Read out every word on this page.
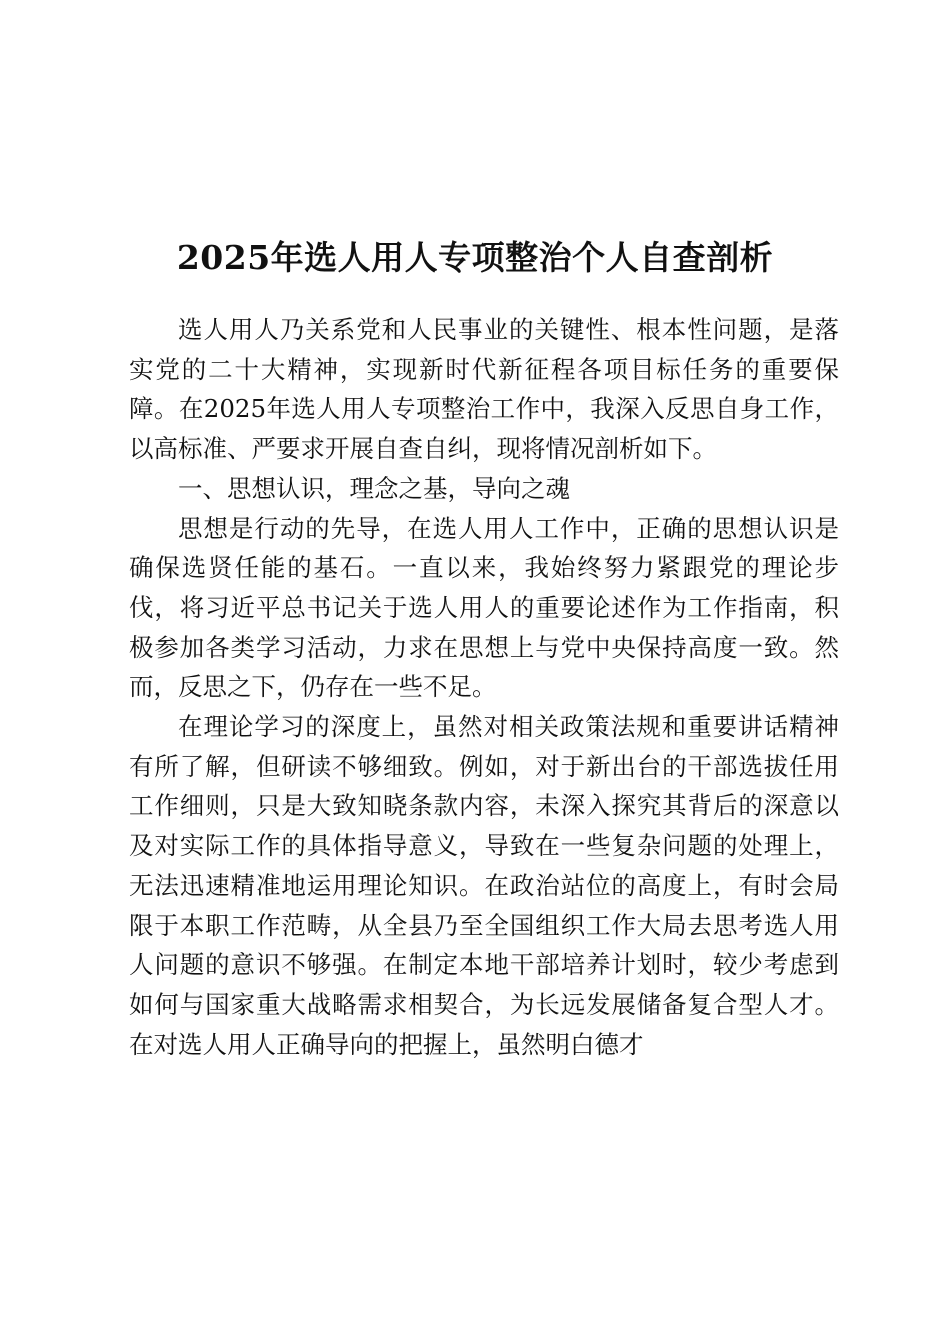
2025年选人用人专项整治个人自查剖析

选人用人乃关系党和人民事业的关键性、根本性问题，是落实党的二十大精神，实现新时代新征程各项目标任务的重要保障。在2025年选人用人专项整治工作中，我深入反思自身工作，以高标准、严要求开展自查自纠，现将情况剖析如下。

一、思想认识，理念之基，导向之魂

思想是行动的先导，在选人用人工作中，正确的思想认识是确保选贤任能的基石。一直以来，我始终努力紧跟党的理论步伐，将习近平总书记关于选人用人的重要论述作为工作指南，积极参加各类学习活动，力求在思想上与党中央保持高度一致。然而，反思之下，仍存在一些不足。

在理论学习的深度上，虽然对相关政策法规和重要讲话精神有所了解，但研读不够细致。例如，对于新出台的干部选拔任用工作细则，只是大致知晓条款内容，未深入探究其背后的深意以及对实际工作的具体指导意义，导致在一些复杂问题的处理上，无法迅速精准地运用理论知识。在政治站位的高度上，有时会局限于本职工作范畴，从全县乃至全国组织工作大局去思考选人用人问题的意识不够强。在制定本地干部培养计划时，较少考虑到如何与国家重大战略需求相契合，为长远发展储备复合型人才。在对选人用人正确导向的把握上，虽然明白德才
